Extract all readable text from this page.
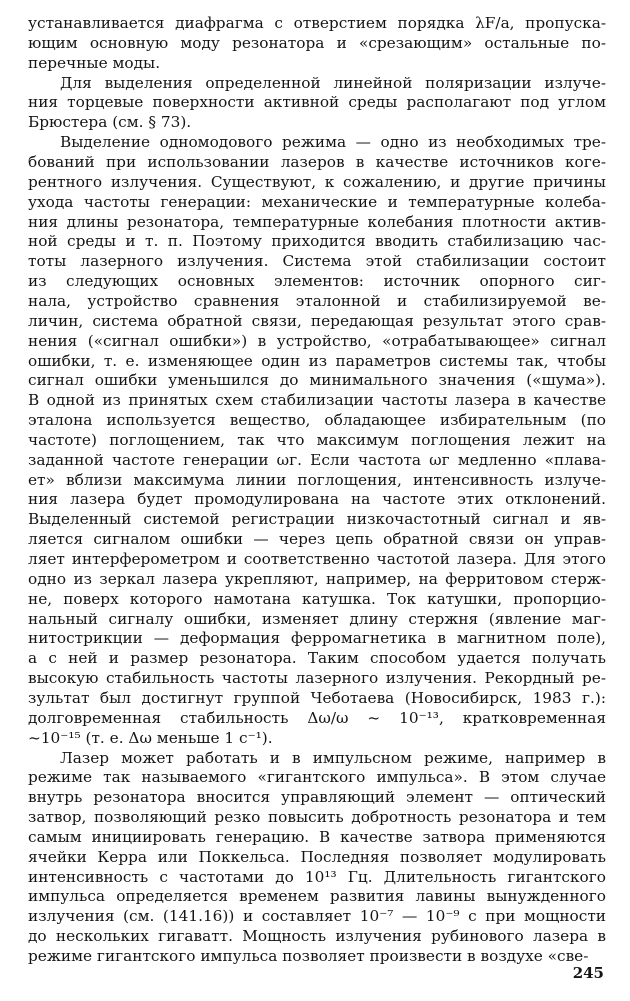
устанавливается диафрагма с отверстием порядка λF/a, пропуска-
ющим основную моду резонатора и «срезающим» остальные по-
перечные моды.
Для выделения определенной линейной поляризации излуче-
ния торцевые поверхности активной среды располагают под углом
Брюстера (см. § 73).
Выделение одномодового режима — одно из необходимых тре-
бований при использовании лазеров в качестве источников коге-
рентного излучения. Существуют, к сожалению, и другие причины
ухода частоты генерации: механические и температурные колеба-
ния длины резонатора, температурные колебания плотности актив-
ной среды и т. п. Поэтому приходится вводить стабилизацию час-
тоты лазерного излучения. Система этой стабилизации состоит
из следующих основных элементов: источник опорного сиг-
нала, устройство сравнения эталонной и стабилизируемой ве-
личин, система обратной связи, передающая результат этого срав-
нения («сигнал ошибки») в устройство, «отрабатывающее» сигнал
ошибки, т. е. изменяющее один из параметров системы так, чтобы
сигнал ошибки уменьшился до минимального значения («шума»).
В одной из принятых схем стабилизации частоты лазера в качестве
эталона используется вещество, обладающее избирательным (по
частоте) поглощением, так что максимум поглощения лежит на
заданной частоте генерации ωг. Если частота ωг медленно «плава-
ет» вблизи максимума линии поглощения, интенсивность излуче-
ния лазера будет промодулирована на частоте этих отклонений.
Выделенный системой регистрации низкочастотный сигнал и яв-
ляется сигналом ошибки — через цепь обратной связи он управ-
ляет интерферометром и соответственно частотой лазера. Для этого
одно из зеркал лазера укрепляют, например, на ферритовом стерж-
не, поверх которого намотана катушка. Ток катушки, пропорцио-
нальный сигналу ошибки, изменяет длину стержня (явление маг-
нитострикции — деформация ферромагнетика в магнитном поле),
а с ней и размер резонатора. Таким способом удается получать
высокую стабильность частоты лазерного излучения. Рекордный ре-
зультат был достигнут группой Чеботаева (Новосибирск, 1983 г.):
долговременная стабильность Δω/ω ~ 10⁻¹³, кратковременная
~10⁻¹⁵ (т. е. Δω меньше 1 с⁻¹).
Лазер может работать и в импульсном режиме, например в
режиме так называемого «гигантского импульса». В этом случае
внутрь резонатора вносится управляющий элемент — оптический
затвор, позволяющий резко повысить добротность резонатора и тем
самым инициировать генерацию. В качестве затвора применяются
ячейки Керра или Поккельса. Последняя позволяет модулировать
интенсивность с частотами до 10¹³ Гц. Длительность гигантского
импульса определяется временем развития лавины вынужденного
излучения (см. (141.16)) и составляет 10⁻⁷ — 10⁻⁹ с при мощности
до нескольких гигаватт. Мощность излучения рубинового лазера в
режиме гигантского импульса позволяет произвести в воздухе «све-
245
